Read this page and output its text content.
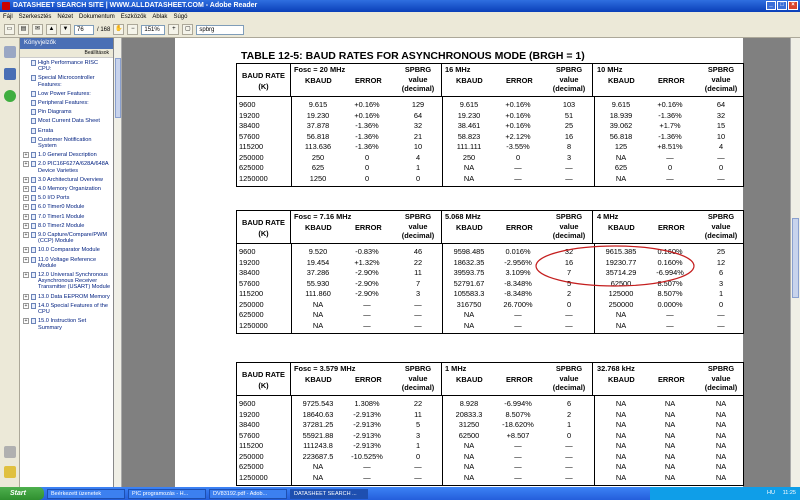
DATASHEET SEARCH SITE | WWW.ALLDATASHEET.COM - Adobe Reader	_	□	×
Fájl Szerkesztés Nézet Dokumentum Eszközök Ablak Súgó
▭	▤	✉	▲	▼	76	/ 168 ✋	−	151%	+	▢	spbrg
Könyvjelzők
Beállítások
High Performance RISC CPU:
Special Microcontroller Features:
Low Power Features:
Peripheral Features:
Pin Diagrams
Most Current Data Sheet
Errata
Customer Notification System
+ 1.0 General Description
+ 2.0 PIC16F627A/628A/648A Device Varieties
+ 3.0 Architectural Overview
+ 4.0 Memory Organization
+ 5.0 I/O Ports
+ 6.0 Timer0 Module
+ 7.0 Timer1 Module
+ 8.0 Timer2 Module
+ 9.0 Capture/Compare/PWM (CCP) Module
+ 10.0 Comparator Module
+ 11.0 Voltage Reference Module
+ 12.0 Universal Synchronous Asynchronous Receiver Transmitter (USART) Module
+ 13.0 Data EEPROM Memory
+ 14.0 Special Features of the CPU
+ 15.0 Instruction Set Summary
TABLE 12-5: BAUD RATES FOR ASYNCHRONOUS MODE (BRGH = 1)
BAUD RATE (K)
Fosc = 20 MHz
KBAUD	ERROR
SPBRG value (decimal)
16 MHz
KBAUD	ERROR
SPBRG value (decimal)
10 MHz
KBAUD	ERROR
SPBRG value (decimal)
9600	9.615	+0.16%	129	9.615	+0.16%	103	9.615	+0.16%	64
19200	19.230	+0.16%	64	19.230	+0.16%	51	18.939	-1.36%	32
38400	37.878	-1.36%	32	38.461	+0.16%	25	39.062	+1.7%	15
57600	56.818	-1.36%	21	58.823	+2.12%	16	56.818	-1.36%	10
115200	113.636	-1.36%	10	111.111	-3.55%	8	125	+8.51%	4
250000	250	0	4	250	0	3	NA	—	—
625000	625	0	1	NA	—	—	625	0	0
1250000	1250	0	0	NA	—	—	NA	—	—
BAUD RATE (K)
Fosc = 7.16 MHz
KBAUD	ERROR
SPBRG value (decimal)
5.068 MHz
KBAUD	ERROR
SPBRG value (decimal)
4 MHz
KBAUD	ERROR
SPBRG value (decimal)
9600	9.520	-0.83%	46	9598.485	0.016%	32	9615.385	0.160%	25
19200	19.454	+1.32%	22	18632.35	-2.956%	16	19230.77	0.160%	12
38400	37.286	-2.90%	11	39593.75	3.109%	7	35714.29	-6.994%	6
57600	55.930	-2.90%	7	52791.67	-8.348%	5	62500	8.507%	3
115200	111.860	-2.90%	3	105583.3	-8.348%	2	125000	8.507%	1
250000	NA	—	—	316750	26.700%	0	250000	0.000%	0
625000	NA	—	—	NA	—	—	NA	—	—
1250000	NA	—	—	NA	—	—	NA	—	—
BAUD RATE (K)
Fosc = 3.579 MHz
KBAUD	ERROR
SPBRG value (decimal)
1 MHz
KBAUD	ERROR
SPBRG value (decimal)
32.768 kHz
KBAUD	ERROR
SPBRG value (decimal)
9600	9725.543	1.308%	22	8.928	-6.994%	6	NA	NA	NA
19200	18640.63	-2.913%	11	20833.3	8.507%	2	NA	NA	NA
38400	37281.25	-2.913%	5	31250	-18.620%	1	NA	NA	NA
57600	55921.88	-2.913%	3	62500	+8.507	0	NA	NA	NA
115200	111243.8	-2.913%	1	NA	—	—	NA	NA	NA
250000	223687.5	-10.525%	0	NA	—	—	NA	NA	NA
625000	NA	—	—	NA	—	—	NA	NA	NA
1250000	NA	—	—	NA	—	—	NA	NA	NA
Start	Beérkezett üzenetek	PIC programozás - H...	DV83192.pdf - Adob...	DATASHEET SEARCH ...	HU 11:25
